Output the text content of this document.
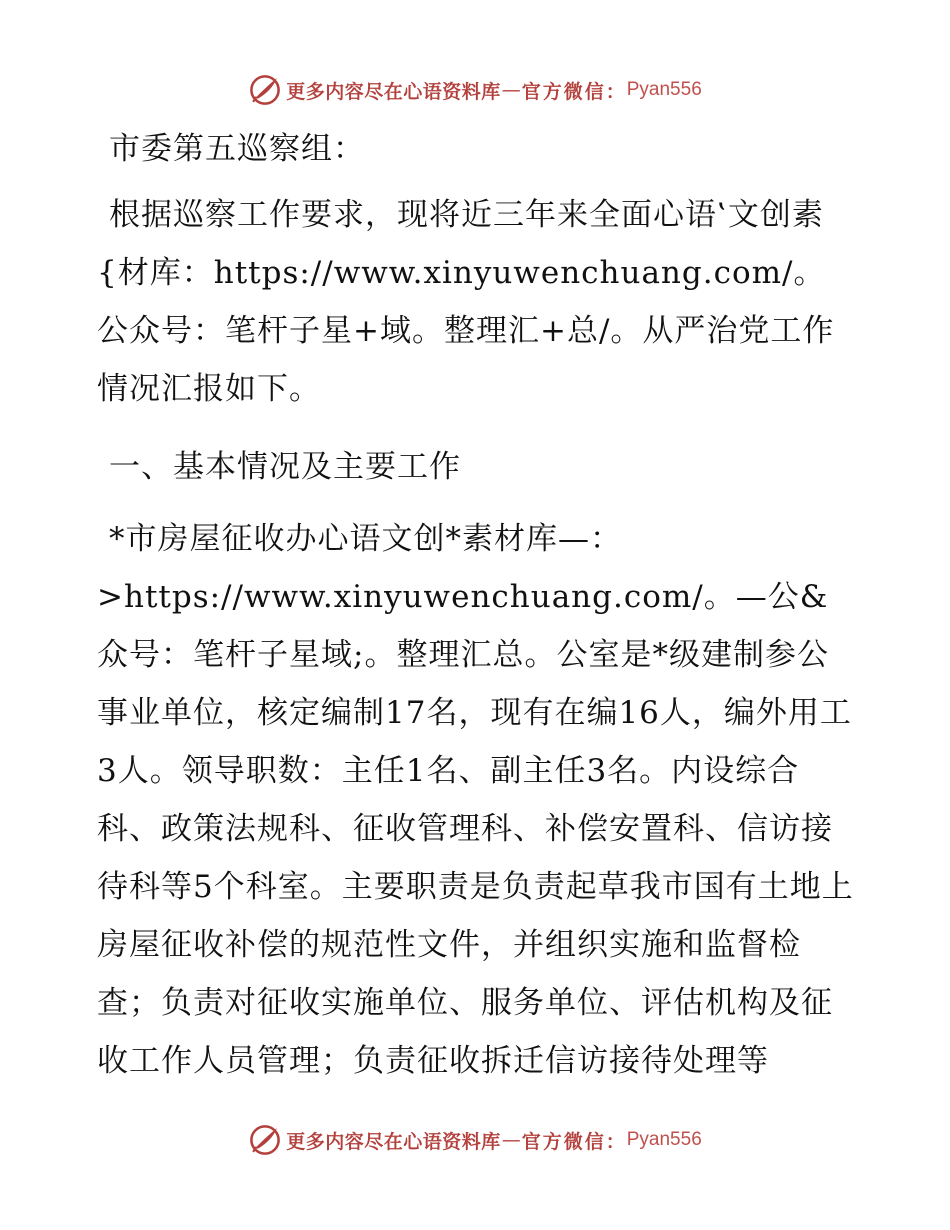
更多内容尽在心语资料库 — 官方微信： Pyan556

市委第五巡察组：

根据巡察工作要求，现将近三年来全面心语‛文创素{材库：https://www.xinyuwenchuang.com/。公众号：笔杆子星+域。整理汇+总/。从严治党工作情况汇报如下。

一、基本情况及主要工作

*市房屋征收办心语文创*素材库—：>https://www.xinyuwenchuang.com/。—公&众号：笔杆子星域;。整理汇总。公室是*级建制参公事业单位，核定编制17名，现有在编16人，编外用工3人。领导职数：主任1名、副主任3名。内设综合科、政策法规科、征收管理科、补偿安置科、信访接待科等5个科室。主要职责是负责起草我市国有土地上房屋征收补偿的规范性文件，并组织实施和监督检查；负责对征收实施单位、服务单位、评估机构及征收工作人员管理；负责征收拆迁信访接待处理等

更多内容尽在心语资料库 — 官方微信： Pyan556
